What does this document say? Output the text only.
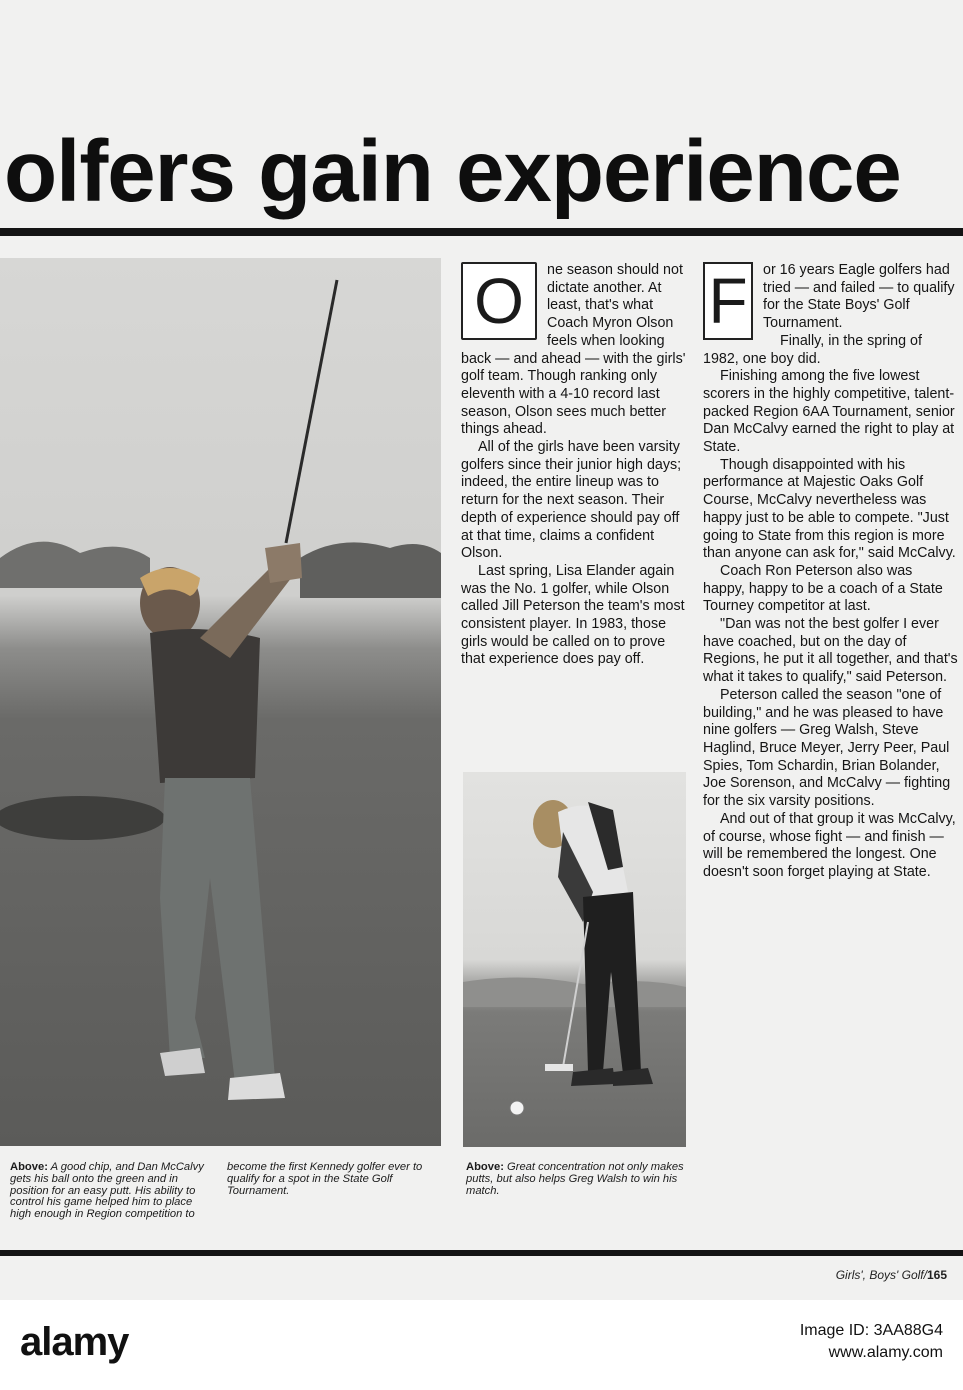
olfers gain experience

O	ne season should not dictate another. At least, that's what Coach Myron Olson feels when looking back — and ahead — with the girls' golf team. Though ranking only eleventh with a 4-10 record last season, Olson sees much better things ahead.

All of the girls have been varsity golfers since their junior high days; indeed, the entire lineup was to return for the next season. Their depth of experience should pay off at that time, claims a confident Olson.

Last spring, Lisa Elander again was the No. 1 golfer, while Olson called Jill Peterson the team's most consistent player. In 1983, those girls would be called on to prove that experience does pay off.

F	or 16 years Eagle golfers had tried — and failed — to qualify for the State Boys' Golf Tournament.

Finally, in the spring of 1982, one boy did.

Finishing among the five lowest scorers in the highly competitive, talent-packed Region 6AA Tournament, senior Dan McCalvy earned the right to play at State.

Though disappointed with his performance at Majestic Oaks Golf Course, McCalvy nevertheless was happy just to be able to compete. "Just going to State from this region is more than anyone can ask for," said McCalvy.

Coach Ron Peterson also was happy, happy to be a coach of a State Tourney competitor at last.

"Dan was not the best golfer I ever have coached, but on the day of Regions, he put it all together, and that's what it takes to qualify," said Peterson.

Peterson called the season "one of building," and he was pleased to have nine golfers — Greg Walsh, Steve Haglind, Bruce Meyer, Jerry Peer, Paul Spies, Tom Schardin, Brian Bolander, Joe Sorenson, and McCalvy — fighting for the six varsity positions.

And out of that group it was McCalvy, of course, whose fight — and finish — will be remembered the longest. One doesn't soon forget playing at State.

Above: A good chip, and Dan McCalvy gets his ball onto the green and in position for an easy putt. His ability to control his game helped him to place high enough in Region competition to
become the first Kennedy golfer ever to qualify for a spot in the State Golf Tournament.
Above: Great concentration not only makes putts, but also helps Greg Walsh to win his match.
Girls', Boys' Golf/165
alamy	Image ID: 3AA88G4
www.alamy.com
